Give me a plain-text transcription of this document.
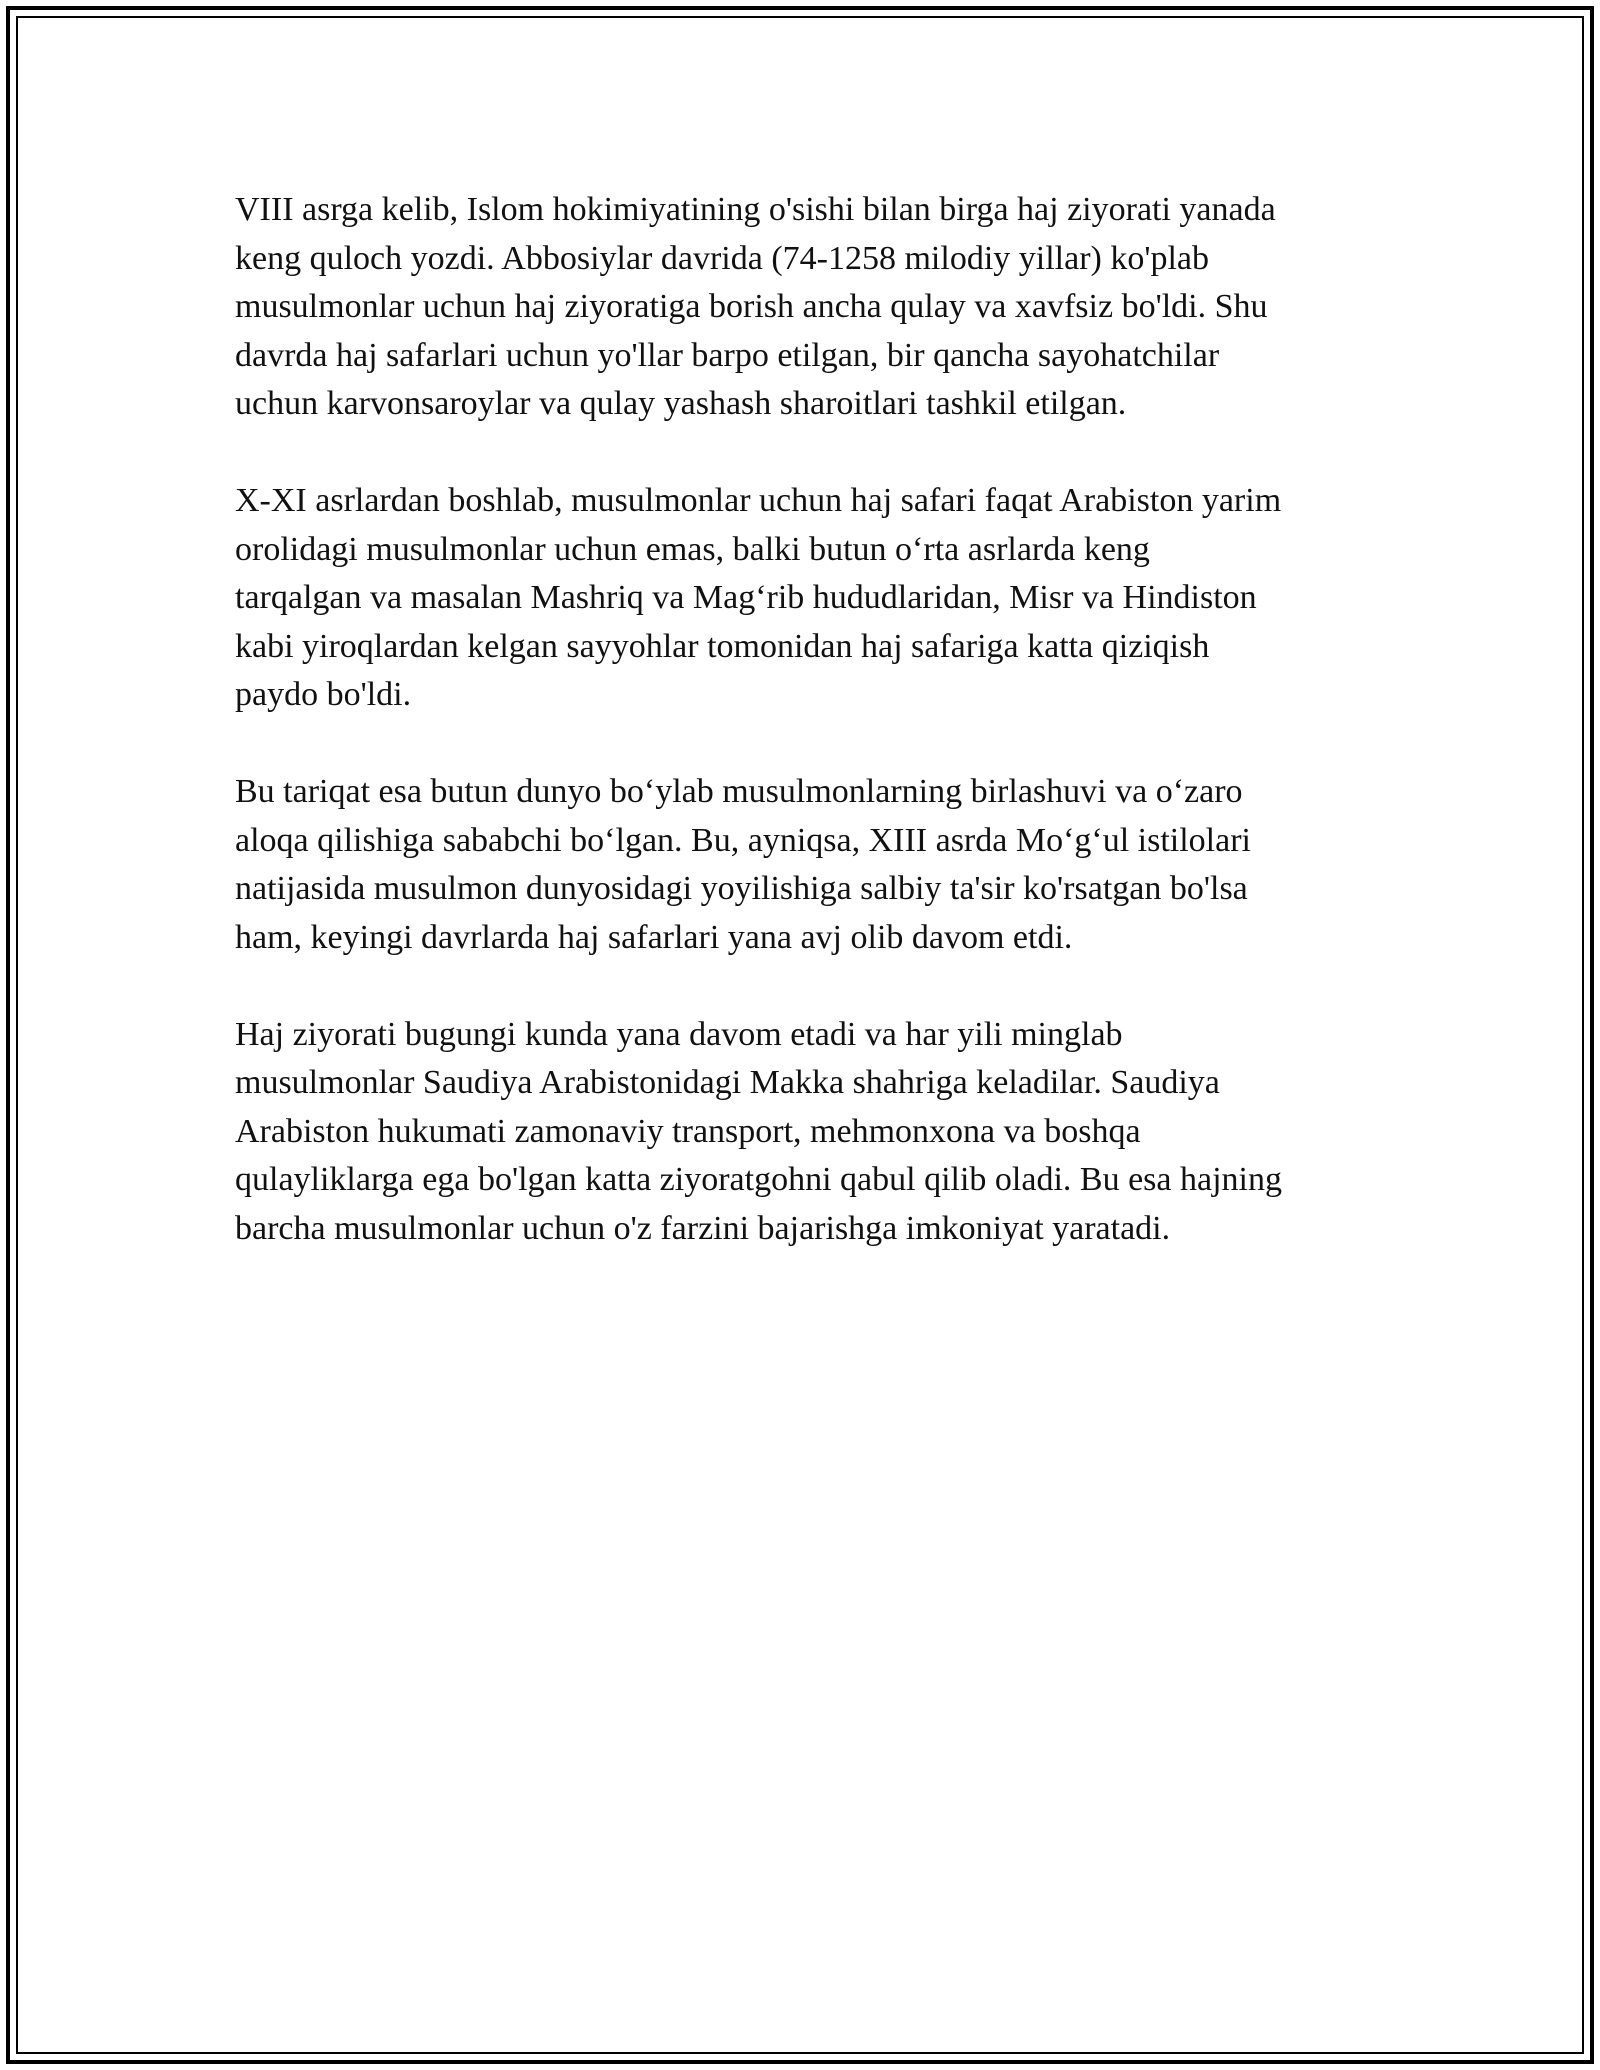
VIII asrga kelib, Islom hokimiyatining o'sishi bilan birga haj ziyorati yanada
keng quloch yozdi. Abbosiylar davrida (74-1258 milodiy yillar) ko'plab
musulmonlar uchun haj ziyoratiga borish ancha qulay va xavfsiz bo'ldi. Shu
davrda haj safarlari uchun yo'llar barpo etilgan, bir qancha sayohatchilar
uchun karvonsaroylar va qulay yashash sharoitlari tashkil etilgan.

X-XI asrlardan boshlab, musulmonlar uchun haj safari faqat Arabiston yarim
orolidagi musulmonlar uchun emas, balki butun o‘rta asrlarda keng
tarqalgan va masalan Mashriq va Mag‘rib hududlaridan, Misr va Hindiston
kabi yiroqlardan kelgan sayyohlar tomonidan haj safariga katta qiziqish
paydo bo'ldi.

Bu tariqat esa butun dunyo bo‘ylab musulmonlarning birlashuvi va o‘zaro
aloqa qilishiga sababchi bo‘lgan. Bu, ayniqsa, XIII asrda Mo‘g‘ul istilolari
natijasida musulmon dunyosidagi yoyilishiga salbiy ta'sir ko'rsatgan bo'lsa
ham, keyingi davrlarda haj safarlari yana avj olib davom etdi.

Haj ziyorati bugungi kunda yana davom etadi va har yili minglab
musulmonlar Saudiya Arabistonidagi Makka shahriga keladilar. Saudiya
Arabiston hukumati zamonaviy transport, mehmonxona va boshqa
qulayliklarga ega bo'lgan katta ziyoratgohni qabul qilib oladi. Bu esa hajning
barcha musulmonlar uchun o'z farzini bajarishga imkoniyat yaratadi.
